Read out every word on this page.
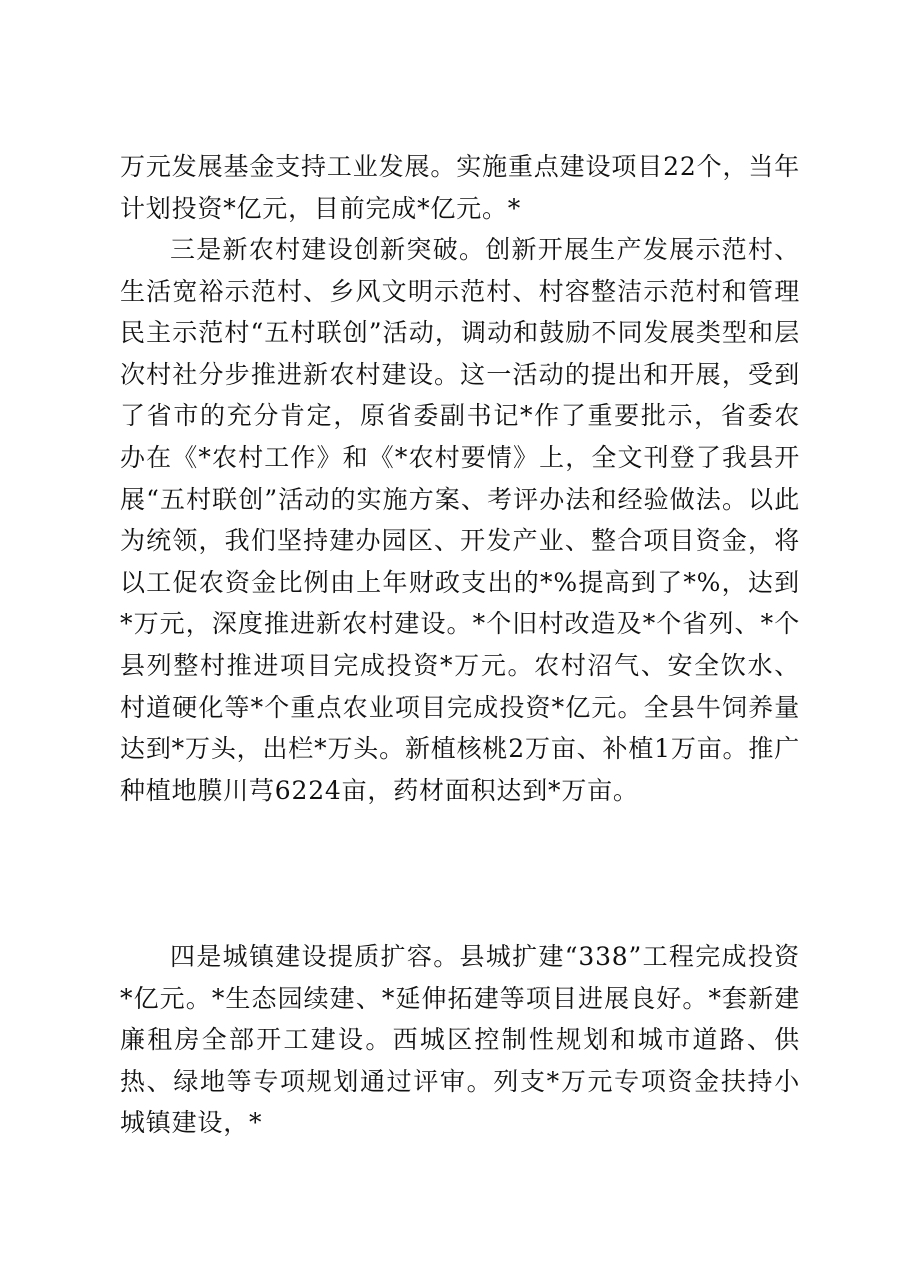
万元发展基金支持工业发展。实施重点建设项目22个，当年计划投资*亿元，目前完成*亿元。*

三是新农村建设创新突破。创新开展生产发展示范村、生活宽裕示范村、乡风文明示范村、村容整洁示范村和管理民主示范村“五村联创”活动，调动和鼓励不同发展类型和层次村社分步推进新农村建设。这一活动的提出和开展，受到了省市的充分肯定，原省委副书记*作了重要批示，省委农办在《*农村工作》和《*农村要情》上，全文刊登了我县开展“五村联创”活动的实施方案、考评办法和经验做法。以此为统领，我们坚持建办园区、开发产业、整合项目资金，将以工促农资金比例由上年财政支出的*%提高到了*%，达到*万元，深度推进新农村建设。*个旧村改造及*个省列、*个县列整村推进项目完成投资*万元。农村沼气、安全饮水、村道硬化等*个重点农业项目完成投资*亿元。全县牛饲养量达到*万头，出栏*万头。新植核桃2万亩、补植1万亩。推广种植地膜川芎6224亩，药材面积达到*万亩。

四是城镇建设提质扩容。县城扩建“338”工程完成投资*亿元。*生态园续建、*延伸拓建等项目进展良好。*套新建廉租房全部开工建设。西城区控制性规划和城市道路、供热、绿地等专项规划通过评审。列支*万元专项资金扶持小城镇建设，*
